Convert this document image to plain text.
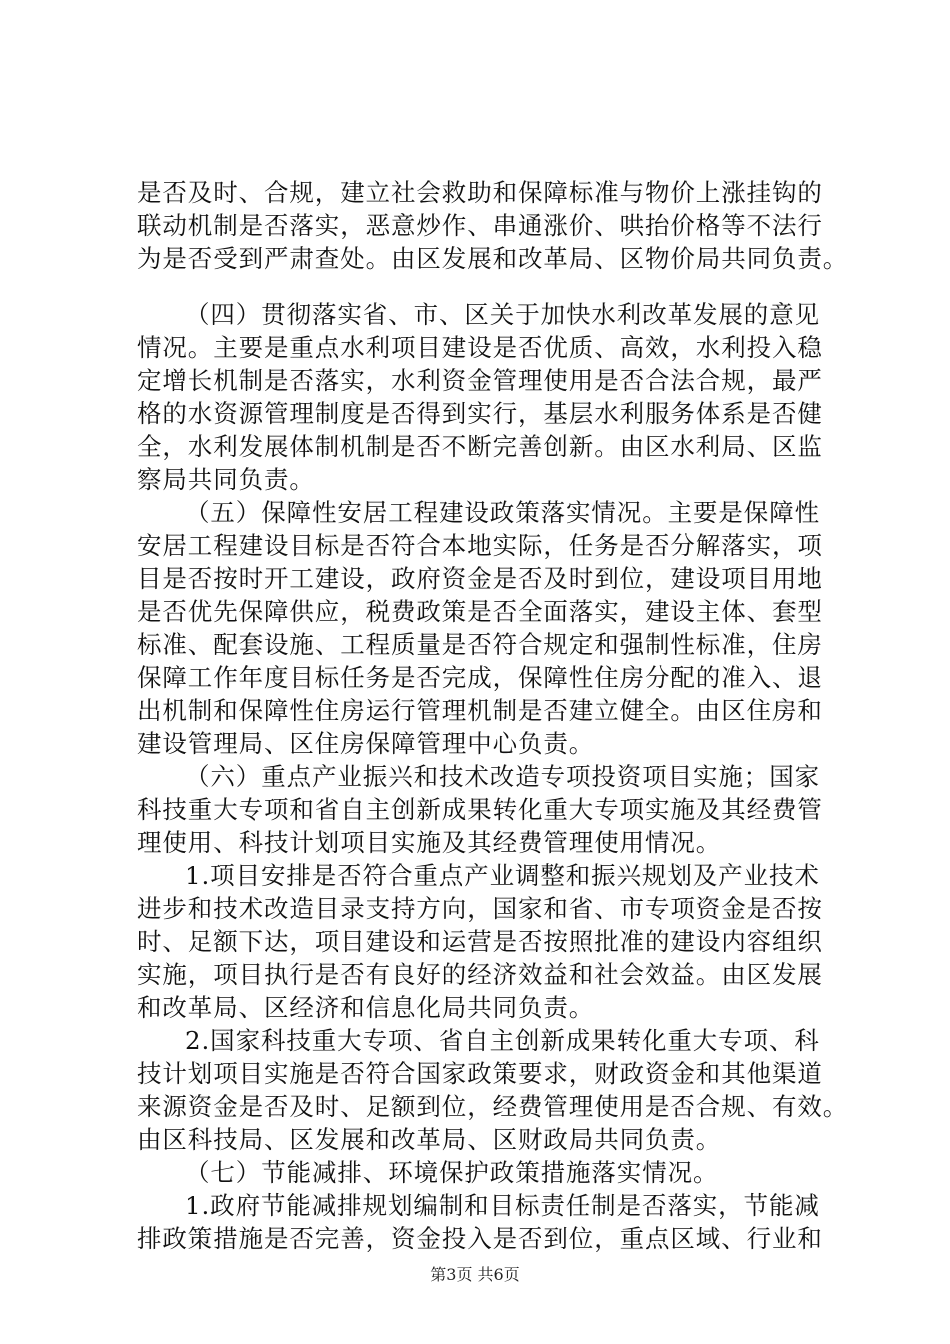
是否及时、合规，建立社会救助和保障标准与物价上涨挂钩的
联动机制是否落实，恶意炒作、串通涨价、哄抬价格等不法行
为是否受到严肃查处。由区发展和改革局、区物价局共同负责。
（四）贯彻落实省、市、区关于加快水利改革发展的意见
情况。主要是重点水利项目建设是否优质、高效，水利投入稳
定增长机制是否落实，水利资金管理使用是否合法合规，最严
格的水资源管理制度是否得到实行，基层水利服务体系是否健
全，水利发展体制机制是否不断完善创新。由区水利局、区监
察局共同负责。
（五）保障性安居工程建设政策落实情况。主要是保障性
安居工程建设目标是否符合本地实际，任务是否分解落实，项
目是否按时开工建设，政府资金是否及时到位，建设项目用地
是否优先保障供应，税费政策是否全面落实，建设主体、套型
标准、配套设施、工程质量是否符合规定和强制性标准，住房
保障工作年度目标任务是否完成，保障性住房分配的准入、退
出机制和保障性住房运行管理机制是否建立健全。由区住房和
建设管理局、区住房保障管理中心负责。
（六）重点产业振兴和技术改造专项投资项目实施；国家
科技重大专项和省自主创新成果转化重大专项实施及其经费管
理使用、科技计划项目实施及其经费管理使用情况。
1.项目安排是否符合重点产业调整和振兴规划及产业技术
进步和技术改造目录支持方向，国家和省、市专项资金是否按
时、足额下达，项目建设和运营是否按照批准的建设内容组织
实施，项目执行是否有良好的经济效益和社会效益。由区发展
和改革局、区经济和信息化局共同负责。
2.国家科技重大专项、省自主创新成果转化重大专项、科
技计划项目实施是否符合国家政策要求，财政资金和其他渠道
来源资金是否及时、足额到位，经费管理使用是否合规、有效。
由区科技局、区发展和改革局、区财政局共同负责。
（七）节能减排、环境保护政策措施落实情况。
1.政府节能减排规划编制和目标责任制是否落实，节能减
排政策措施是否完善，资金投入是否到位，重点区域、行业和
第3页 共6页
